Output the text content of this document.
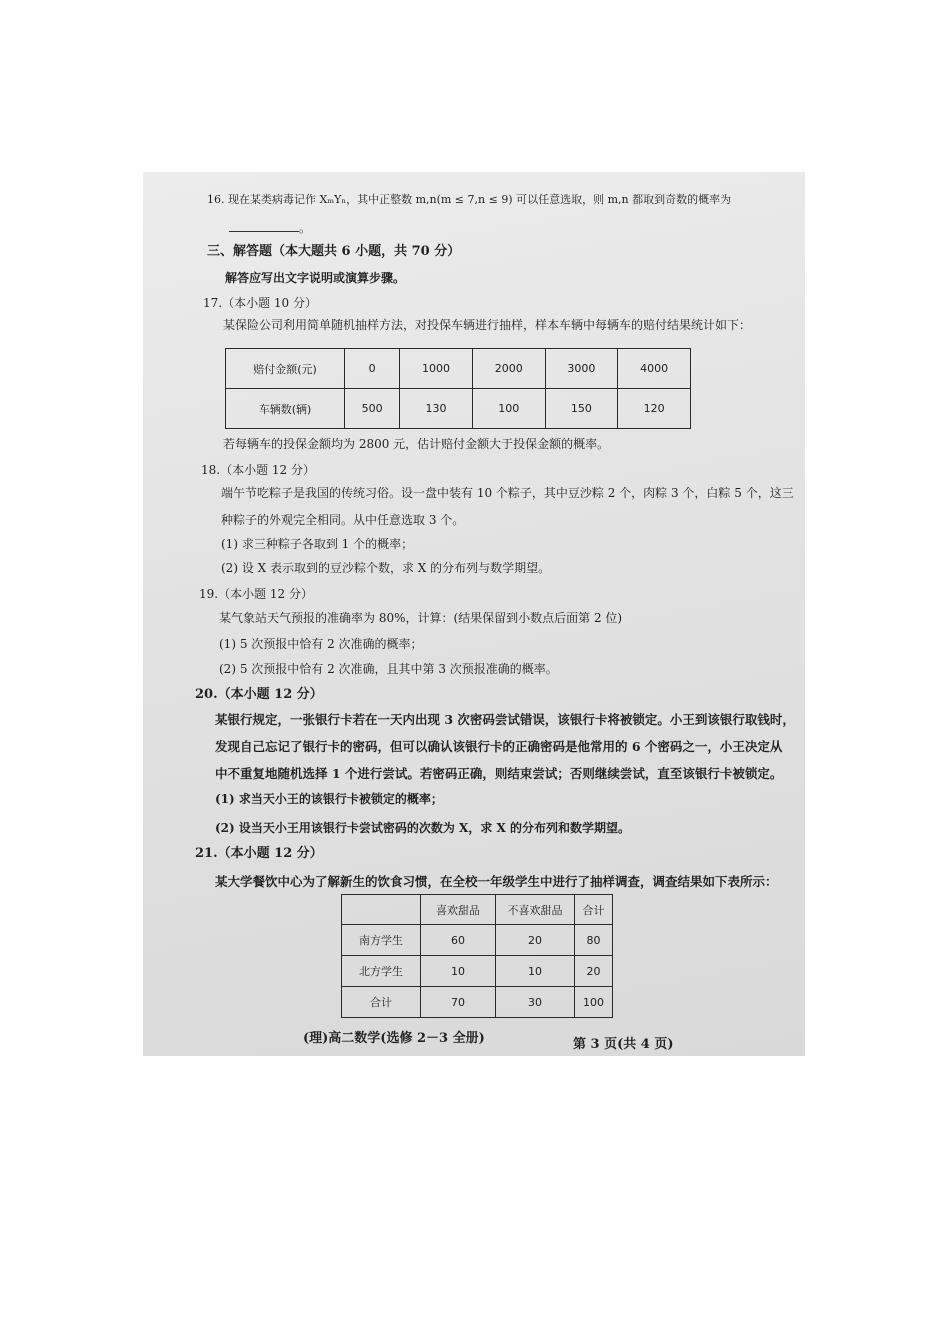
16. 现在某类病毒记作 XₘYₙ，其中正整数 m,n(m ≤ 7,n ≤ 9) 可以任意选取，则 m,n 都取到奇数的概率为
。
三、解答题（本大题共 6 小题，共 70 分）
解答应写出文字说明或演算步骤。
17.（本小题 10 分）
某保险公司利用简单随机抽样方法，对投保车辆进行抽样，样本车辆中每辆车的赔付结果统计如下：
赔付金额(元)	0	1000	2000	3000	4000
车辆数(辆)	500	130	100	150	120
若每辆车的投保金额均为 2800 元，估计赔付金额大于投保金额的概率。
18.（本小题 12 分）
端午节吃粽子是我国的传统习俗。设一盘中装有 10 个粽子，其中豆沙粽 2 个，肉粽 3 个，白粽 5 个，这三
种粽子的外观完全相同。从中任意选取 3 个。
(1) 求三种粽子各取到 1 个的概率；
(2) 设 X 表示取到的豆沙粽个数，求 X 的分布列与数学期望。
19.（本小题 12 分）
某气象站天气预报的准确率为 80%，计算：(结果保留到小数点后面第 2 位)
(1) 5 次预报中恰有 2 次准确的概率；
(2) 5 次预报中恰有 2 次准确，且其中第 3 次预报准确的概率。
20.（本小题 12 分）
某银行规定，一张银行卡若在一天内出现 3 次密码尝试错误，该银行卡将被锁定。小王到该银行取钱时，
发现自己忘记了银行卡的密码，但可以确认该银行卡的正确密码是他常用的 6 个密码之一，小王决定从
中不重复地随机选择 1 个进行尝试。若密码正确，则结束尝试；否则继续尝试，直至该银行卡被锁定。
(1) 求当天小王的该银行卡被锁定的概率；
(2) 设当天小王用该银行卡尝试密码的次数为 X，求 X 的分布列和数学期望。
21.（本小题 12 分）
某大学餐饮中心为了解新生的饮食习惯，在全校一年级学生中进行了抽样调查，调查结果如下表所示：
	喜欢甜品	不喜欢甜品	合计
南方学生	60	20	80
北方学生	10	10	20
合计	70	30	100
(理)高二数学(选修 2－3 全册)	第 3 页(共 4 页)
